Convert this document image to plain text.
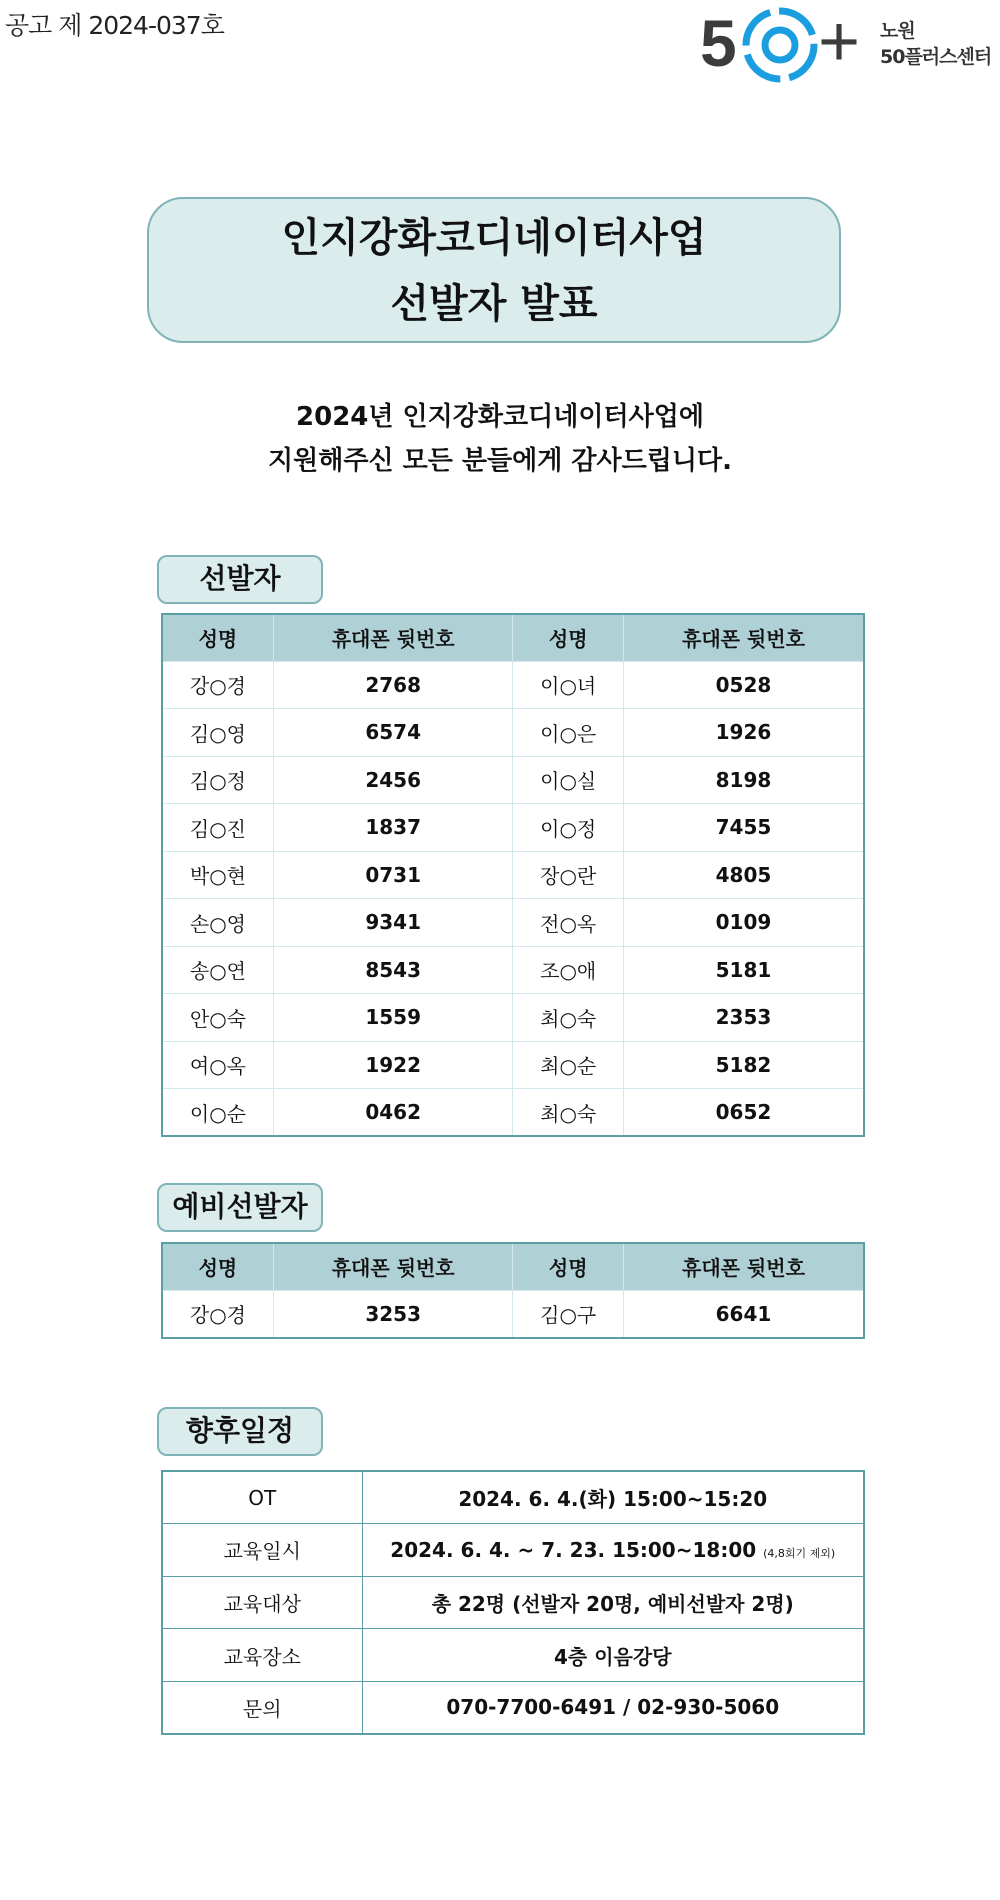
공고 제 2024-037호	5 + 노원
50플러스센터
인지강화코디네이터사업
선발자 발표
2024년 인지강화코디네이터사업에
지원해주신 모든 분들에게 감사드립니다.
선발자
성명	휴대폰 뒷번호	성명	휴대폰 뒷번호
강○경	2768	이○녀	0528
김○영	6574	이○은	1926
김○정	2456	이○실	8198
김○진	1837	이○정	7455
박○현	0731	장○란	4805
손○영	9341	전○옥	0109
송○연	8543	조○애	5181
안○숙	1559	최○숙	2353
여○옥	1922	최○순	5182
이○순	0462	최○숙	0652
예비선발자
성명	휴대폰 뒷번호	성명	휴대폰 뒷번호
강○경	3253	김○구	6641
향후일정
OT	2024. 6. 4.(화) 15:00~15:20
교육일시	2024. 6. 4. ~ 7. 23. 15:00~18:00 (4,8회기 제외)
교육대상	총 22명 (선발자 20명, 예비선발자 2명)
교육장소	4층 이음강당
문의	070-7700-6491 / 02-930-5060
